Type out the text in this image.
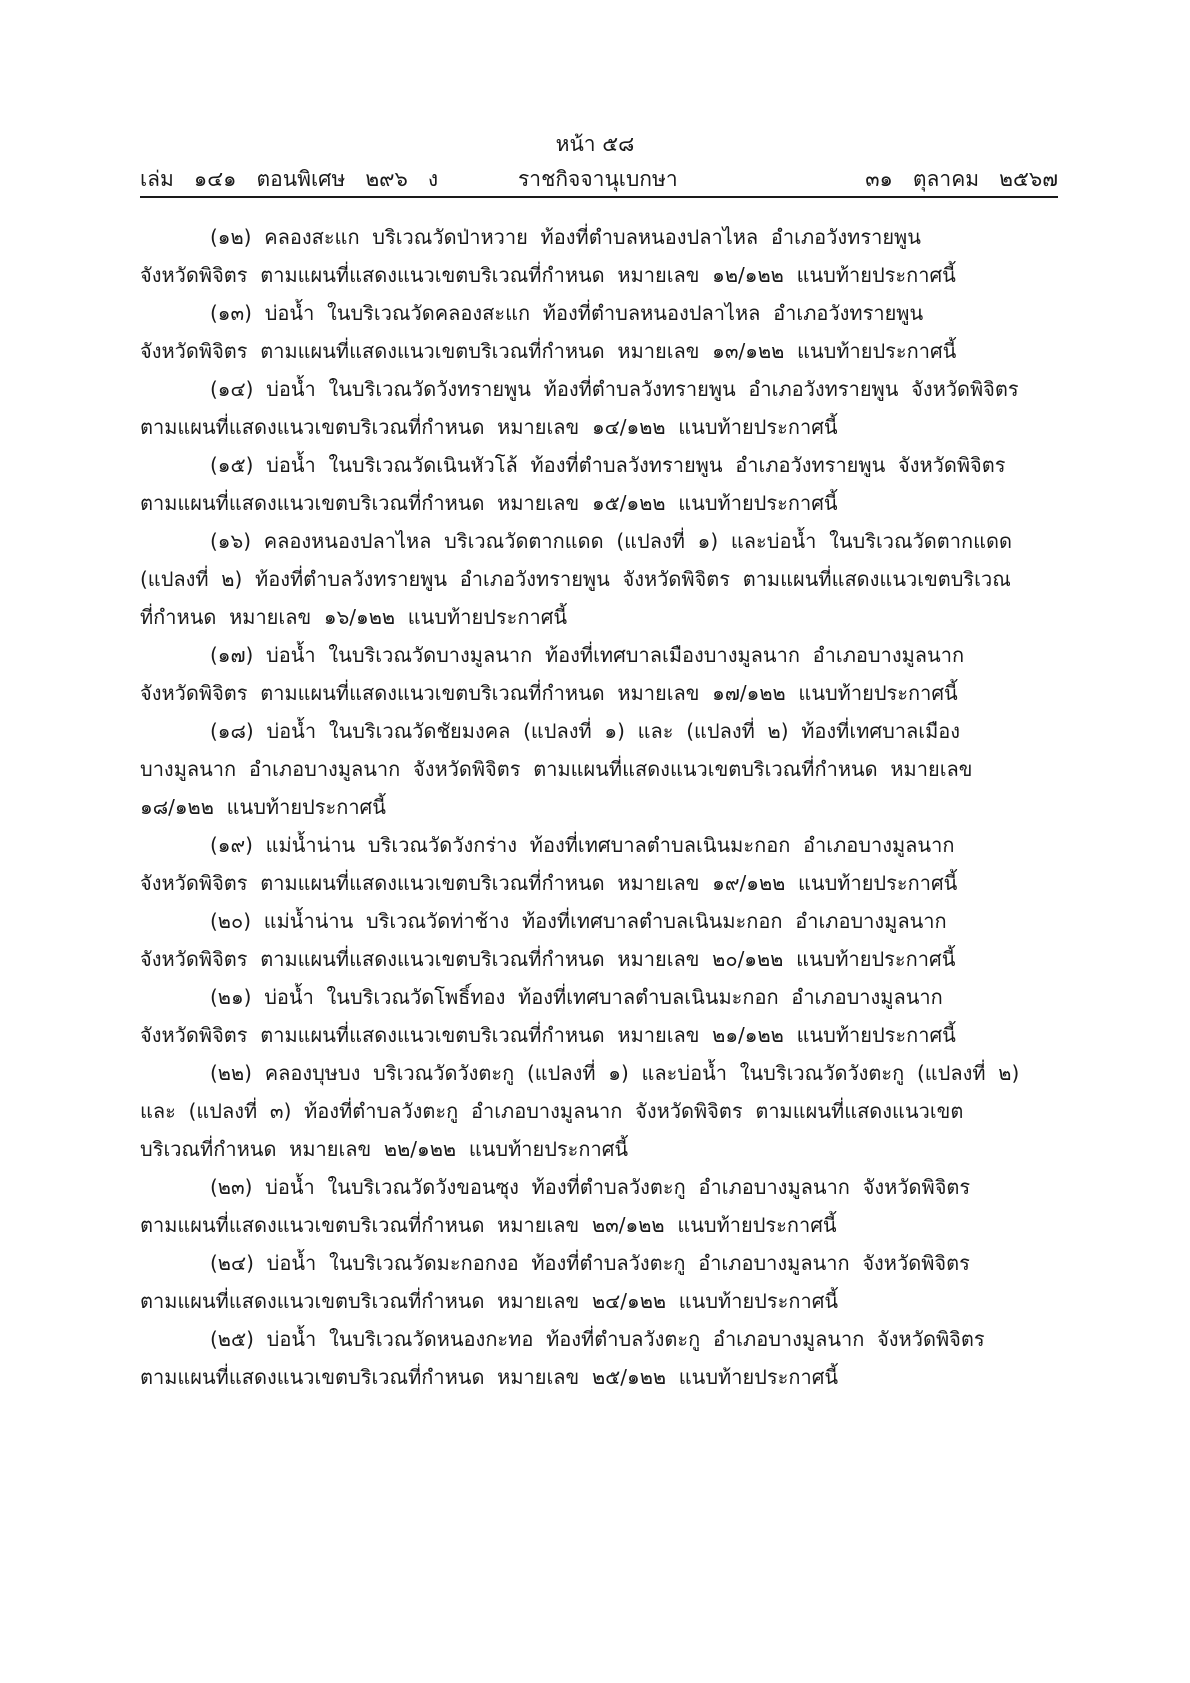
หน้า ๕๘
เล่ม   ๑๔๑   ตอนพิเศษ   ๒๙๖   ง	ราชกิจจานุเบกษา	๓๑   ตุลาคม   ๒๕๖๗

(๑๒)  คลองสะแก  บริเวณวัดป่าหวาย  ท้องที่ตำบลหนองปลาไหล  อำเภอวังทรายพูน
จังหวัดพิจิตร  ตามแผนที่แสดงแนวเขตบริเวณที่กำหนด  หมายเลข  ๑๒/๑๒๒  แนบท้ายประกาศนี้

(๑๓)  บ่อน้ำ  ในบริเวณวัดคลองสะแก  ท้องที่ตำบลหนองปลาไหล  อำเภอวังทรายพูน
จังหวัดพิจิตร  ตามแผนที่แสดงแนวเขตบริเวณที่กำหนด  หมายเลข  ๑๓/๑๒๒  แนบท้ายประกาศนี้

(๑๔)  บ่อน้ำ  ในบริเวณวัดวังทรายพูน  ท้องที่ตำบลวังทรายพูน  อำเภอวังทรายพูน  จังหวัดพิจิตร
ตามแผนที่แสดงแนวเขตบริเวณที่กำหนด  หมายเลข  ๑๔/๑๒๒  แนบท้ายประกาศนี้

(๑๕)  บ่อน้ำ  ในบริเวณวัดเนินหัวโล้  ท้องที่ตำบลวังทรายพูน  อำเภอวังทรายพูน  จังหวัดพิจิตร
ตามแผนที่แสดงแนวเขตบริเวณที่กำหนด  หมายเลข  ๑๕/๑๒๒  แนบท้ายประกาศนี้

(๑๖)  คลองหนองปลาไหล  บริเวณวัดตากแดด  (แปลงที่  ๑)  และบ่อน้ำ  ในบริเวณวัดตากแดด
(แปลงที่  ๒)  ท้องที่ตำบลวังทรายพูน  อำเภอวังทรายพูน  จังหวัดพิจิตร  ตามแผนที่แสดงแนวเขตบริเวณ
ที่กำหนด  หมายเลข  ๑๖/๑๒๒  แนบท้ายประกาศนี้

(๑๗)  บ่อน้ำ  ในบริเวณวัดบางมูลนาก  ท้องที่เทศบาลเมืองบางมูลนาก  อำเภอบางมูลนาก
จังหวัดพิจิตร  ตามแผนที่แสดงแนวเขตบริเวณที่กำหนด  หมายเลข  ๑๗/๑๒๒  แนบท้ายประกาศนี้

(๑๘)  บ่อน้ำ  ในบริเวณวัดชัยมงคล  (แปลงที่  ๑)  และ  (แปลงที่  ๒)  ท้องที่เทศบาลเมือง
บางมูลนาก  อำเภอบางมูลนาก  จังหวัดพิจิตร  ตามแผนที่แสดงแนวเขตบริเวณที่กำหนด  หมายเลข
๑๘/๑๒๒  แนบท้ายประกาศนี้

(๑๙)  แม่น้ำน่าน  บริเวณวัดวังกร่าง  ท้องที่เทศบาลตำบลเนินมะกอก  อำเภอบางมูลนาก
จังหวัดพิจิตร  ตามแผนที่แสดงแนวเขตบริเวณที่กำหนด  หมายเลข  ๑๙/๑๒๒  แนบท้ายประกาศนี้

(๒๐)  แม่น้ำน่าน  บริเวณวัดท่าช้าง  ท้องที่เทศบาลตำบลเนินมะกอก  อำเภอบางมูลนาก
จังหวัดพิจิตร  ตามแผนที่แสดงแนวเขตบริเวณที่กำหนด  หมายเลข  ๒๐/๑๒๒  แนบท้ายประกาศนี้

(๒๑)  บ่อน้ำ  ในบริเวณวัดโพธิ์ทอง  ท้องที่เทศบาลตำบลเนินมะกอก  อำเภอบางมูลนาก
จังหวัดพิจิตร  ตามแผนที่แสดงแนวเขตบริเวณที่กำหนด  หมายเลข  ๒๑/๑๒๒  แนบท้ายประกาศนี้

(๒๒)  คลองบุษบง  บริเวณวัดวังตะกู  (แปลงที่  ๑)  และบ่อน้ำ  ในบริเวณวัดวังตะกู  (แปลงที่  ๒)
และ  (แปลงที่  ๓)  ท้องที่ตำบลวังตะกู  อำเภอบางมูลนาก  จังหวัดพิจิตร  ตามแผนที่แสดงแนวเขต
บริเวณที่กำหนด  หมายเลข  ๒๒/๑๒๒  แนบท้ายประกาศนี้

(๒๓)  บ่อน้ำ  ในบริเวณวัดวังขอนซุง  ท้องที่ตำบลวังตะกู  อำเภอบางมูลนาก  จังหวัดพิจิตร
ตามแผนที่แสดงแนวเขตบริเวณที่กำหนด  หมายเลข  ๒๓/๑๒๒  แนบท้ายประกาศนี้

(๒๔)  บ่อน้ำ  ในบริเวณวัดมะกอกงอ  ท้องที่ตำบลวังตะกู  อำเภอบางมูลนาก  จังหวัดพิจิตร
ตามแผนที่แสดงแนวเขตบริเวณที่กำหนด  หมายเลข  ๒๔/๑๒๒  แนบท้ายประกาศนี้

(๒๕)  บ่อน้ำ  ในบริเวณวัดหนองกะทอ  ท้องที่ตำบลวังตะกู  อำเภอบางมูลนาก  จังหวัดพิจิตร
ตามแผนที่แสดงแนวเขตบริเวณที่กำหนด  หมายเลข  ๒๕/๑๒๒  แนบท้ายประกาศนี้
